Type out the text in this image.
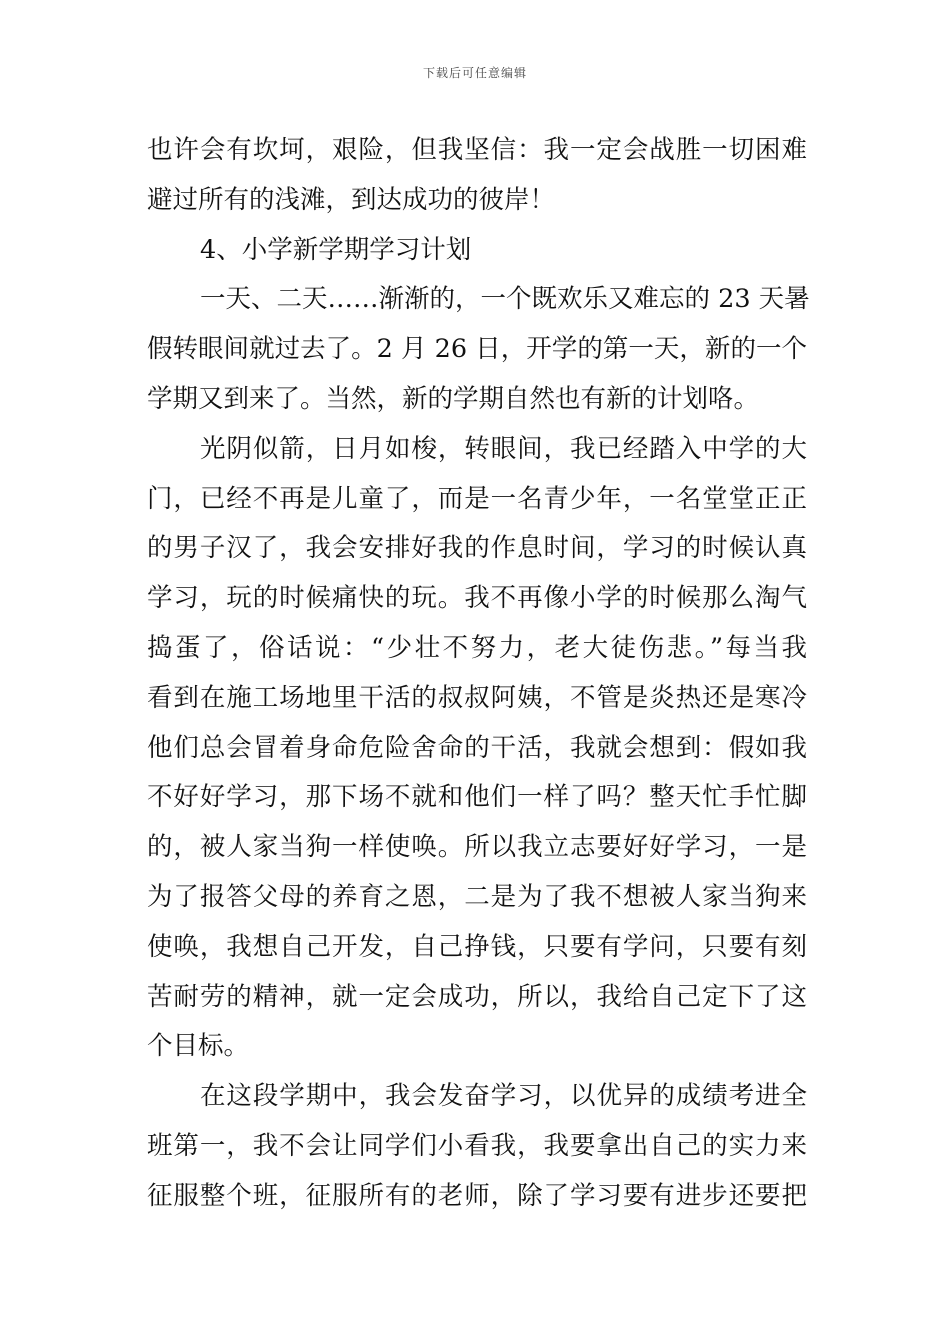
下载后可任意编辑
也许会有坎坷，艰险，但我坚信：我一定会战胜一切困难
避过所有的浅滩，到达成功的彼岸！
4、小学新学期学习计划
一天、二天……渐渐的，一个既欢乐又难忘的 23 天暑
假转眼间就过去了。2 月 26 日，开学的第一天，新的一个
学期又到来了。当然，新的学期自然也有新的计划咯。
光阴似箭，日月如梭，转眼间，我已经踏入中学的大
门，已经不再是儿童了，而是一名青少年，一名堂堂正正
的男子汉了，我会安排好我的作息时间，学习的时候认真
学习，玩的时候痛快的玩。我不再像小学的时候那么淘气
捣蛋了，俗话说：“少壮不努力，老大徒伤悲。”每当我
看到在施工场地里干活的叔叔阿姨，不管是炎热还是寒冷
他们总会冒着身命危险舍命的干活，我就会想到：假如我
不好好学习，那下场不就和他们一样了吗？整天忙手忙脚
的，被人家当狗一样使唤。所以我立志要好好学习，一是
为了报答父母的养育之恩，二是为了我不想被人家当狗来
使唤，我想自己开发，自己挣钱，只要有学问，只要有刻
苦耐劳的精神，就一定会成功，所以，我给自己定下了这
个目标。
在这段学期中，我会发奋学习，以优异的成绩考进全
班第一，我不会让同学们小看我，我要拿出自己的实力来
征服整个班，征服所有的老师，除了学习要有进步还要把
